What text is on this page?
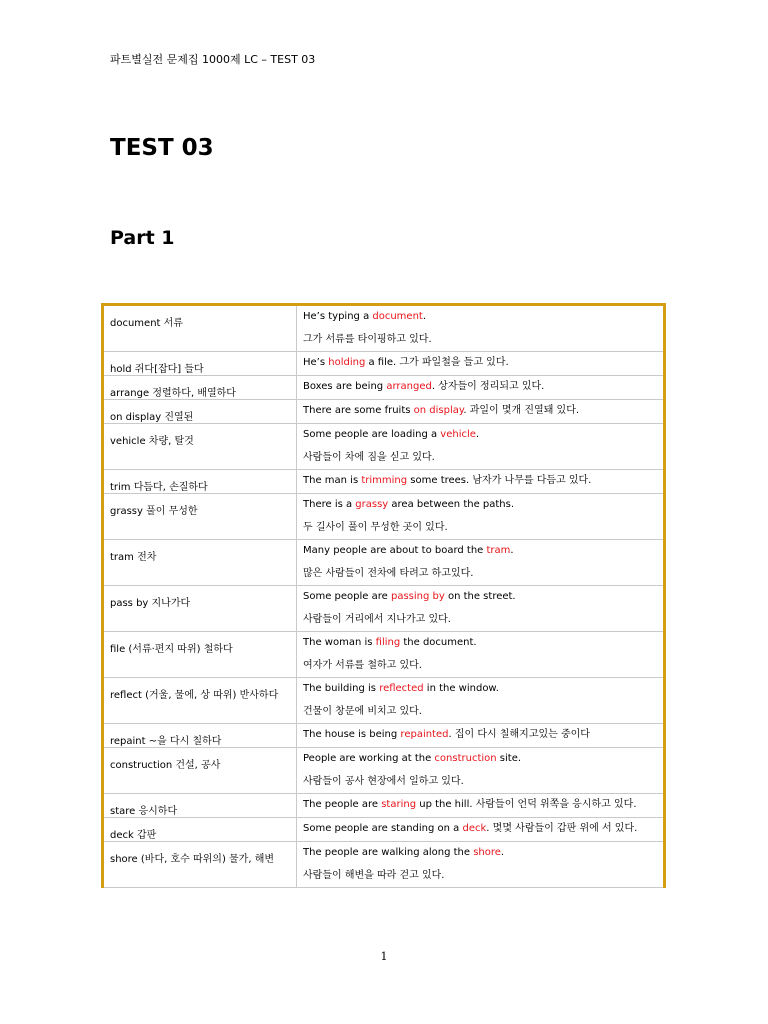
파트별실전 문제집 1000제 LC – TEST 03
TEST 03
Part 1
document 서류	He’s typing a document.
그가 서류를 타이핑하고 있다.

hold 쥐다[잡다] 들다	He’s holding a file. 그가 파일철을 들고 있다.

arrange 정렬하다, 배열하다	Boxes are being arranged. 상자들이 정리되고 있다.

on display 진열된	There are some fruits on display. 과일이 몇개 진열돼 있다.

vehicle 차량, 탈것	Some people are loading a vehicle.
사람들이 차에 짐을 싣고 있다.

trim 다듬다, 손질하다	The man is trimming some trees. 남자가 나무를 다듬고 있다.

grassy 풀이 무성한	There is a grassy area between the paths.
두 길사이 풀이 무성한 곳이 있다.

tram 전차	Many people are about to board the tram.
많은 사람들이 전차에 타려고 하고있다.

pass by 지나가다	Some people are passing by on the street.
사람들이 거리에서 지나가고 있다.

file (서류·편지 따위) 철하다	The woman is filing the document.
여자가 서류를 철하고 있다.

reflect (거울, 물에, 상 따위) 반사하다	The building is reflected in the window.
건물이 창문에 비치고 있다.

repaint ~을 다시 칠하다	The house is being repainted. 집이 다시 칠해지고있는 중이다

construction 건설, 공사	People are working at the construction site.
사람들이 공사 현장에서 일하고 있다.

stare 응시하다	The people are staring up the hill. 사람들이 언덕 위쪽을 응시하고 있다.

deck 갑판	Some people are standing on a deck. 몇몇 사람들이 갑판 위에 서 있다.

shore (바다, 호수 따위의) 물가, 해변	The people are walking along the shore.
사람들이 해변을 따라 걷고 있다.
1
